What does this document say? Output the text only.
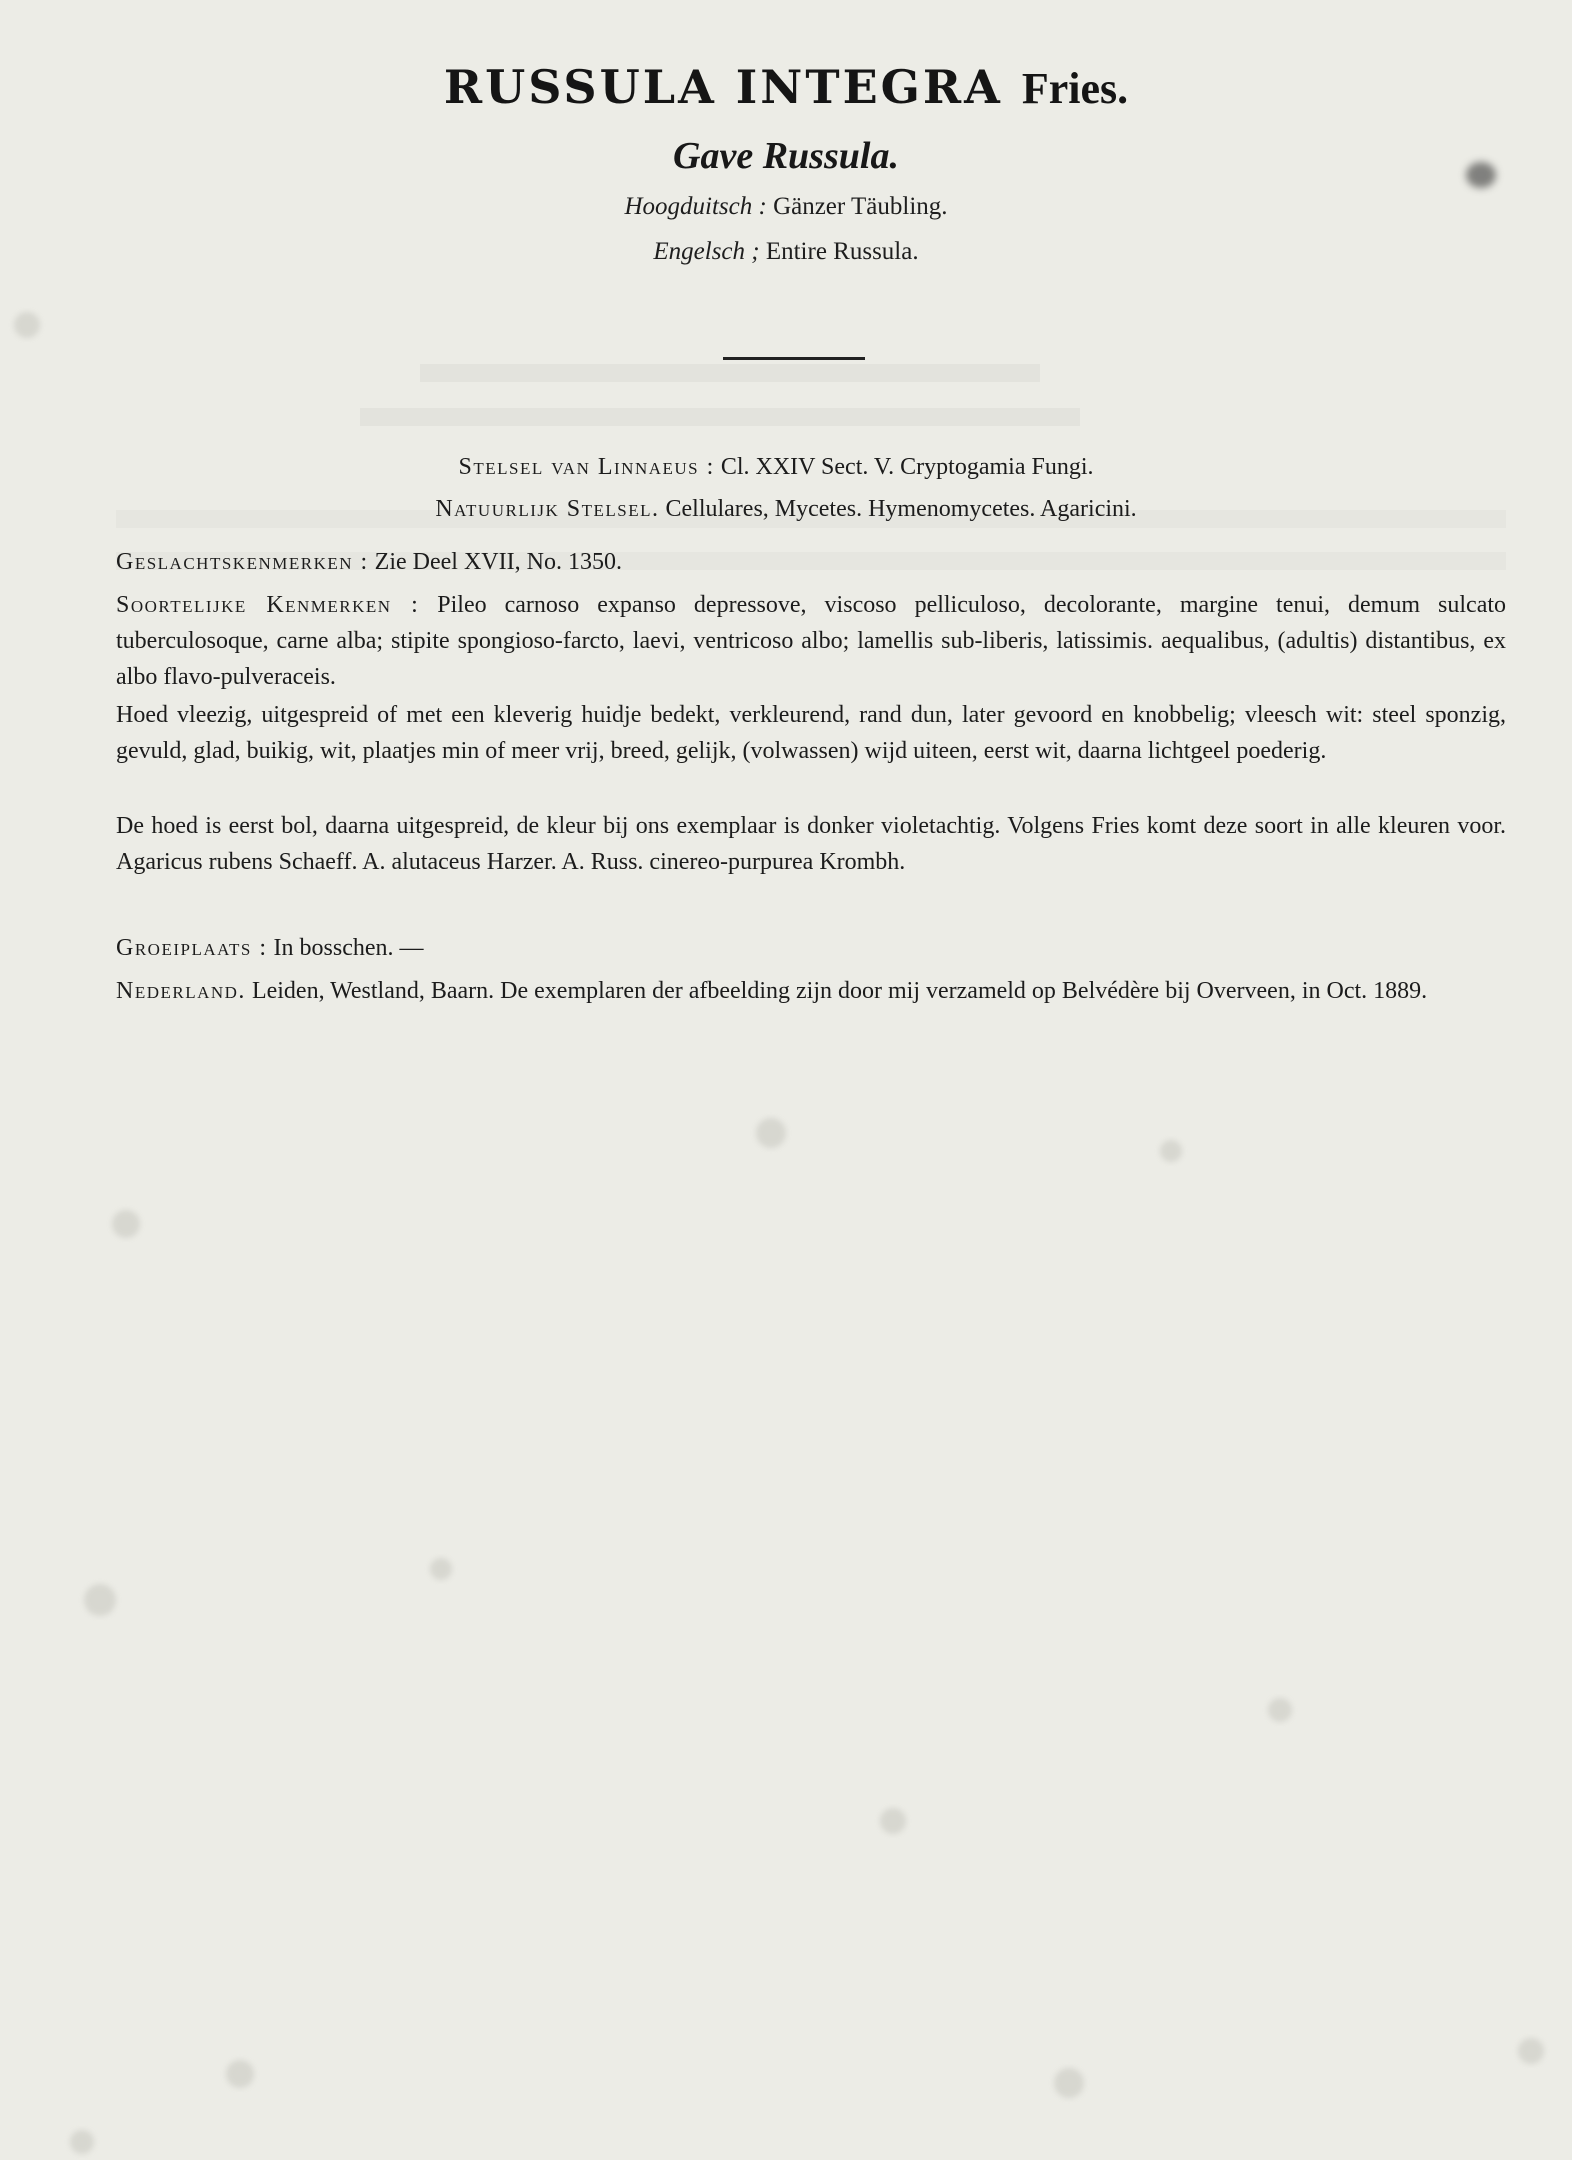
RUSSULA INTEGRA Fries.
Gave Russula.
Hoogduitsch : Gänzer Täubling.
Engelsch ; Entire Russula.
Stelsel van Linnaeus : Cl. XXIV Sect. V. Cryptogamia Fungi.
Natuurlijk Stelsel. Cellulares, Mycetes. Hymenomycetes. Agaricini.

Geslachtskenmerken : Zie Deel XVII, No. 1350.

Soortelijke Kenmerken : Pileo carnoso expanso depressove, viscoso pelliculoso, decolorante, margine tenui, demum sulcato tuberculosoque, carne alba; stipite spongioso-farcto, laevi, ventricoso albo; lamellis sub-liberis, latissimis. aequalibus, (adultis) distantibus, ex albo flavo-pulveraceis.

Hoed vleezig, uitgespreid of met een kleverig huidje bedekt, verkleurend, rand dun, later gevoord en knobbelig; vleesch wit: steel sponzig, gevuld, glad, buikig, wit, plaatjes min of meer vrij, breed, gelijk, (volwassen) wijd uiteen, eerst wit, daarna lichtgeel poederig.

De hoed is eerst bol, daarna uitgespreid, de kleur bij ons exemplaar is donker violetachtig. Volgens Fries komt deze soort in alle kleuren voor. Agaricus rubens Schaeff. A. alutaceus Harzer. A. Russ. cinereo-purpurea Krombh.

Groeiplaats : In bosschen. —

Nederland. Leiden, Westland, Baarn. De exemplaren der afbeelding zijn door mij verzameld op Belvédère bij Overveen, in Oct. 1889.
